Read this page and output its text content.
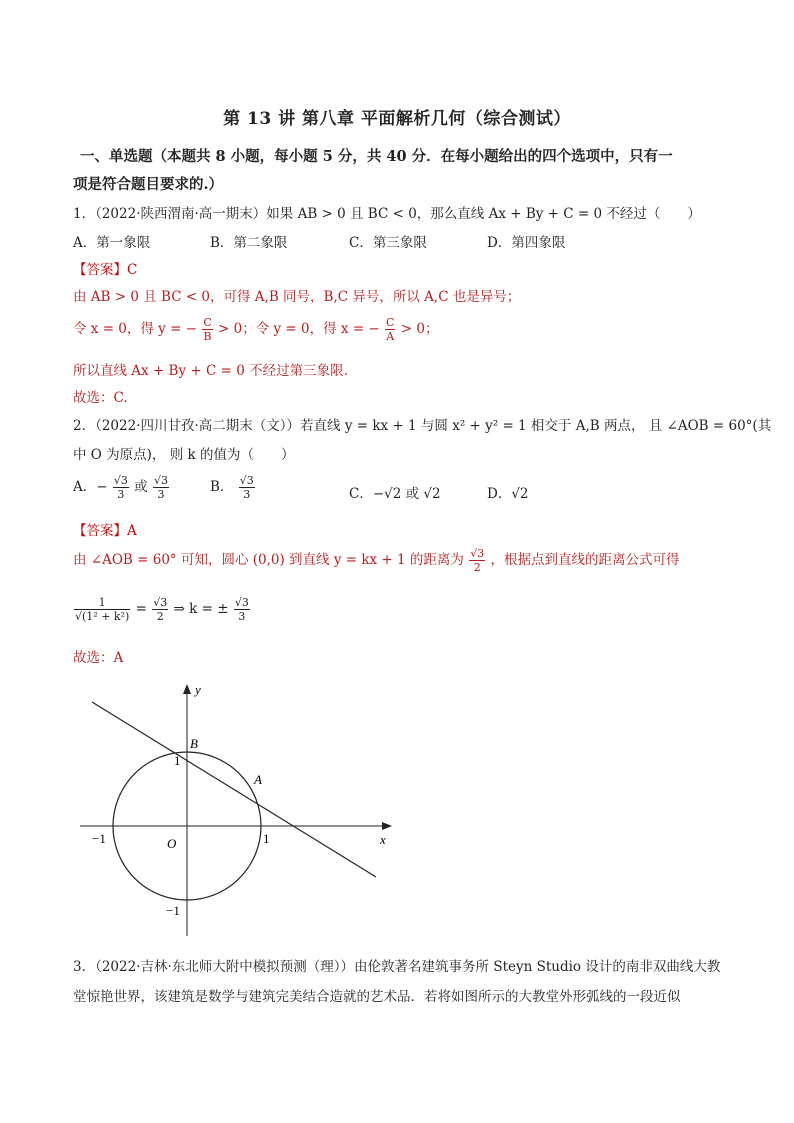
第 13 讲 第八章 平面解析几何（综合测试）
一、单选题（本题共 8 小题，每小题 5 分，共 40 分．在每小题给出的四个选项中，只有一
项是符合题目要求的.）
1．（2022·陕西渭南·高一期末）如果 AB > 0 且 BC < 0，那么直线 Ax + By + C = 0 不经过（　　）
A．第一象限	B．第二象限	C．第三象限	D．第四象限
【答案】C
由 AB > 0 且 BC < 0，可得 A,B 同号，B,C 异号，所以 A,C 也是异号；
令 x = 0，得 y = − $\frac{C}{B} > 0$；令 y = 0，得 x = − $\frac{C}{A} > 0$；
所以直线 Ax + By + C = 0 不经过第三象限.
故选：C.
2．（2022·四川甘孜·高二期末（文））若直线 y = kx + 1 与圆 x² + y² = 1 相交于 A,B 两点， 且 ∠AOB = 60°(其
中 O 为原点)， 则 k 的值为（　　）
A．− $\frac{√3}{3}$ 或 $\frac{√3}{3}$	B． $\frac{√3}{3}$	C．−√2 或 √2	D．√2
【答案】A
由 ∠AOB = 60° 可知，圆心 (0,0) 到直线 y = kx + 1 的距离为 $\frac{√3}{2}$ ，根据点到直线的距离公式可得
$\frac{1}{\text{√(1² + k²)}} = \frac{√3}{2}$ ⇒ k = ± $\frac{√3}{3}$
故选：A
y
x
O
B
A
1
−1
1
−1
3．（2022·吉林·东北师大附中模拟预测（理））由伦敦著名建筑事务所 Steyn Studio 设计的南非双曲线大教
堂惊艳世界，该建筑是数学与建筑完美结合造就的艺术品．若将如图所示的大教堂外形弧线的一段近似
